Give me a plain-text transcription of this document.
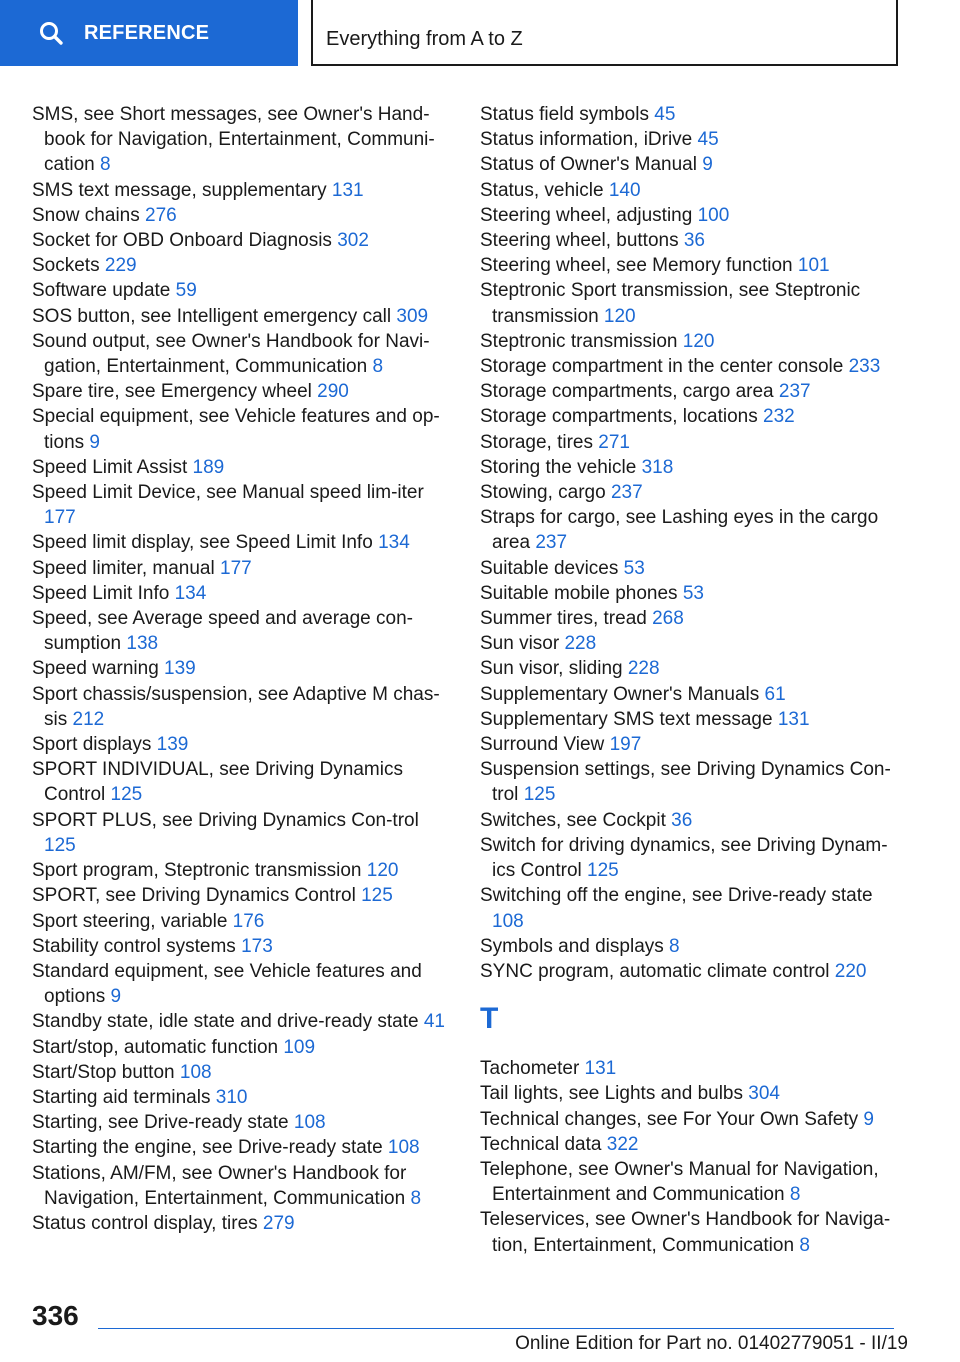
REFERENCE	Everything from A to Z

SMS, see Short messages, see Owner's Hand-book for Navigation, Entertainment, Communi-cation 8

SMS text message, supplementary 131

Snow chains 276

Socket for OBD Onboard Diagnosis 302

Sockets 229

Software update 59

SOS button, see Intelligent emergency call 309

Sound output, see Owner's Handbook for Navi-gation, Entertainment, Communication 8

Spare tire, see Emergency wheel 290

Special equipment, see Vehicle features and op-tions 9

Speed Limit Assist 189

Speed Limit Device, see Manual speed lim-iter 177

Speed limit display, see Speed Limit Info 134

Speed limiter, manual 177

Speed Limit Info 134

Speed, see Average speed and average con-sumption 138

Speed warning 139

Sport chassis/suspension, see Adaptive M chas-sis 212

Sport displays 139

SPORT INDIVIDUAL, see Driving Dynamics Control 125

SPORT PLUS, see Driving Dynamics Con-trol 125

Sport program, Steptronic transmission 120

SPORT, see Driving Dynamics Control 125

Sport steering, variable 176

Stability control systems 173

Standard equipment, see Vehicle features and options 9

Standby state, idle state and drive-ready state 41

Start/stop, automatic function 109

Start/Stop button 108

Starting aid terminals 310

Starting, see Drive-ready state 108

Starting the engine, see Drive-ready state 108

Stations, AM/FM, see Owner's Handbook for Navigation, Entertainment, Communication 8

Status control display, tires 279

Status field symbols 45

Status information, iDrive 45

Status of Owner's Manual 9

Status, vehicle 140

Steering wheel, adjusting 100

Steering wheel, buttons 36

Steering wheel, see Memory function 101

Steptronic Sport transmission, see Steptronic transmission 120

Steptronic transmission 120

Storage compartment in the center console 233

Storage compartments, cargo area 237

Storage compartments, locations 232

Storage, tires 271

Storing the vehicle 318

Stowing, cargo 237

Straps for cargo, see Lashing eyes in the cargo area 237

Suitable devices 53

Suitable mobile phones 53

Summer tires, tread 268

Sun visor 228

Sun visor, sliding 228

Supplementary Owner's Manuals 61

Supplementary SMS text message 131

Surround View 197

Suspension settings, see Driving Dynamics Con-trol 125

Switches, see Cockpit 36

Switch for driving dynamics, see Driving Dynam-ics Control 125

Switching off the engine, see Drive-ready state 108

Symbols and displays 8

SYNC program, automatic climate control 220

T

Tachometer 131

Tail lights, see Lights and bulbs 304

Technical changes, see For Your Own Safety 9

Technical data 322

Telephone, see Owner's Manual for Navigation, Entertainment and Communication 8

Teleservices, see Owner's Handbook for Naviga-tion, Entertainment, Communication 8

336
Online Edition for Part no. 01402779051 - II/19
